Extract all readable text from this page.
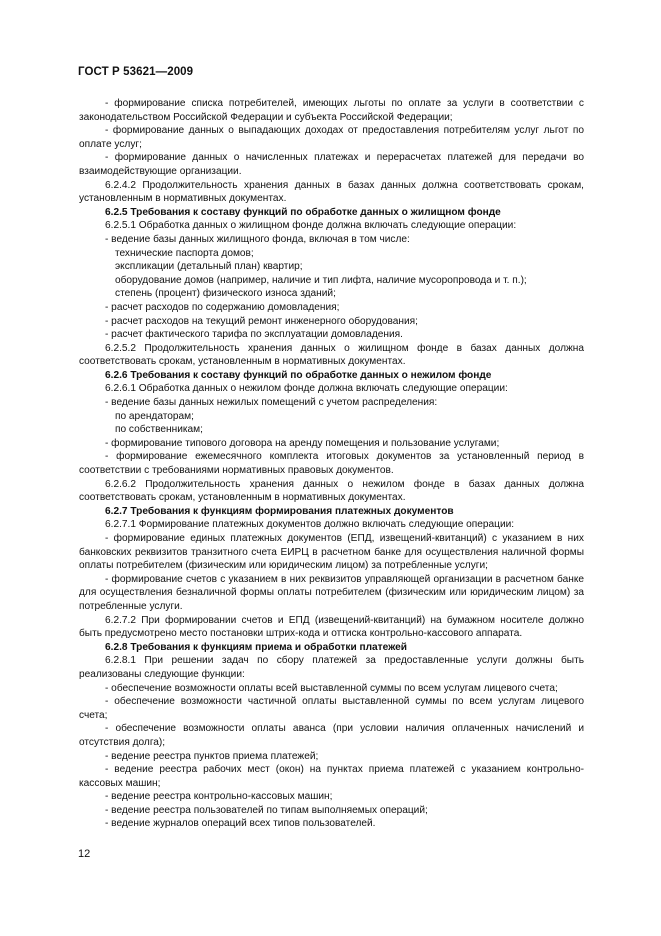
ГОСТ Р 53621—2009

- формирование списка потребителей, имеющих льготы по оплате за услуги в соответствии с законодательством Российской Федерации и субъекта Российской Федерации;

- формирование данных о выпадающих доходах от предоставления потребителям услуг льгот по оплате услуг;

- формирование данных о начисленных платежах и перерасчетах платежей для передачи во взаимодействующие организации.

6.2.4.2 Продолжительность хранения данных в базах данных должна соответствовать срокам, установленным в нормативных документах.

6.2.5 Требования к составу функций по обработке данных о жилищном фонде

6.2.5.1 Обработка данных о жилищном фонде должна включать следующие операции:

- ведение базы данных жилищного фонда, включая в том числе:

технические паспорта домов;

экспликации (детальный план) квартир;

оборудование домов (например, наличие и тип лифта, наличие мусоропровода и т. п.);

степень (процент) физического износа зданий;

- расчет расходов по содержанию домовладения;

- расчет расходов на текущий ремонт инженерного оборудования;

- расчет фактического тарифа по эксплуатации домовладения.

6.2.5.2 Продолжительность хранения данных о жилищном фонде в базах данных должна соответствовать срокам, установленным в нормативных документах.

6.2.6 Требования к составу функций по обработке данных о нежилом фонде

6.2.6.1 Обработка данных о нежилом фонде должна включать следующие операции:

- ведение базы данных нежилых помещений с учетом распределения:

по арендаторам;

по собственникам;

- формирование типового договора на аренду помещения и пользование услугами;

- формирование ежемесячного комплекта итоговых документов за установленный период в соответствии с требованиями нормативных правовых документов.

6.2.6.2 Продолжительность хранения данных о нежилом фонде в базах данных должна соответствовать срокам, установленным в нормативных документах.

6.2.7 Требования к функциям формирования платежных документов

6.2.7.1 Формирование платежных документов должно включать следующие операции:

- формирование единых платежных документов (ЕПД, извещений-квитанций) с указанием в них банковских реквизитов транзитного счета ЕИРЦ в расчетном банке для осуществления наличной формы оплаты потребителем (физическим или юридическим лицом) за потребленные услуги;

- формирование счетов с указанием в них реквизитов управляющей организации в расчетном банке для осуществления безналичной формы оплаты потребителем (физическим или юридическим лицом) за потребленные услуги.

6.2.7.2 При формировании счетов и ЕПД (извещений-квитанций) на бумажном носителе должно быть предусмотрено место постановки штрих-кода и оттиска контрольно-кассового аппарата.

6.2.8 Требования к функциям приема и обработки платежей

6.2.8.1 При решении задач по сбору платежей за предоставленные услуги должны быть реализованы следующие функции:

- обеспечение возможности оплаты всей выставленной суммы по всем услугам лицевого счета;

- обеспечение возможности частичной оплаты выставленной суммы по всем услугам лицевого счета;

- обеспечение возможности оплаты аванса (при условии наличия оплаченных начислений и отсутствия долга);

- ведение реестра пунктов приема платежей;

- ведение реестра рабочих мест (окон) на пунктах приема платежей с указанием контрольно-кассовых машин;

- ведение реестра контрольно-кассовых машин;

- ведение реестра пользователей по типам выполняемых операций;

- ведение журналов операций всех типов пользователей.

12
